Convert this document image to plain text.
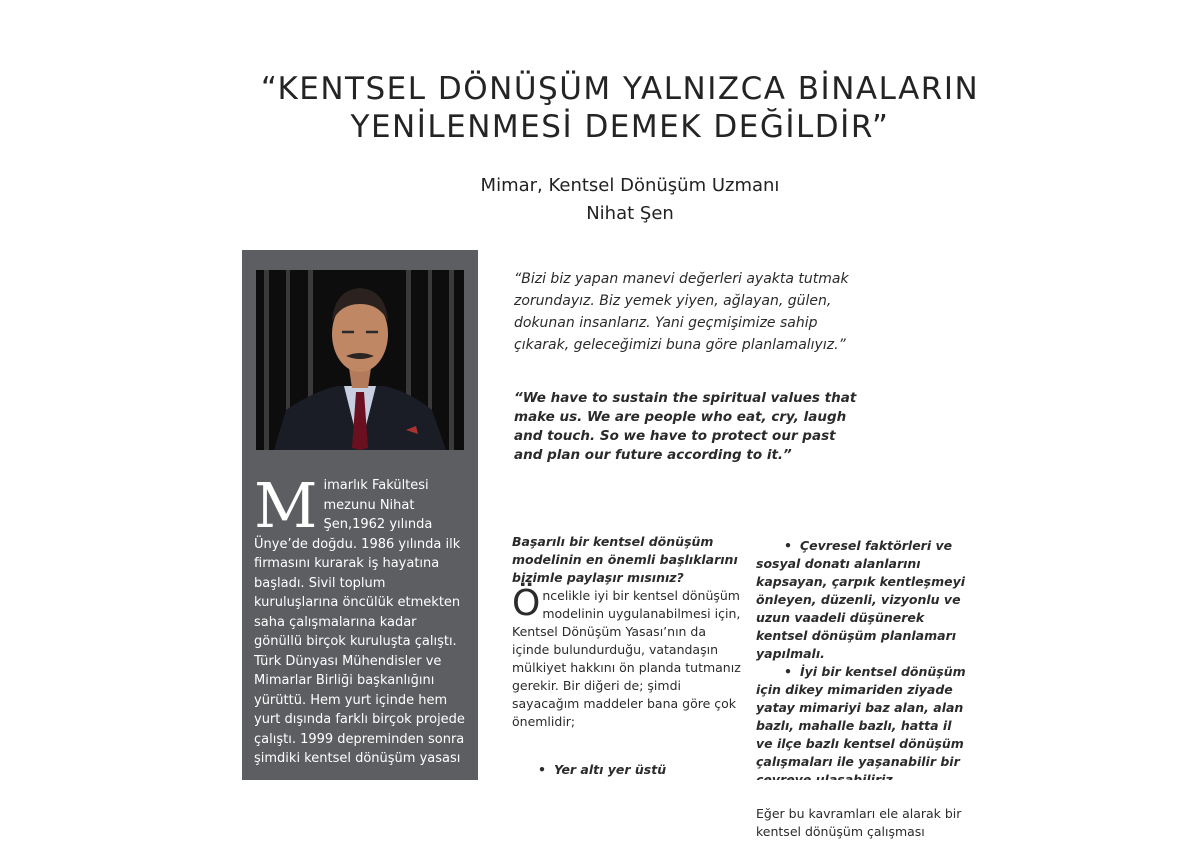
“KENTSEL DÖNÜŞÜM YALNIZCA BİNALARIN
YENİLENMESİ DEMEK DEĞİLDİR”
Mimar, Kentsel Dönüşüm Uzmanı
Nihat Şen
M imarlık Fakültesi
mezunu Nihat
Şen,1962 yılında Ünye’de doğdu. 1986 yılında ilk firmasını kurarak iş hayatına başladı. Sivil toplum kuruluşlarına öncülük etmekten saha çalışmalarına kadar gönüllü birçok kuruluşta çalıştı. Türk Dünyası Mühendisler ve Mimarlar Birliği başkanlığını yürüttü. Hem yurt içinde hem yurt dışında farklı birçok projede çalıştı. 1999 depreminden sonra şimdiki kentsel dönüşüm yasası
“Bizi biz yapan manevi değerleri ayakta tutmak zorundayız. Biz yemek yiyen, ağlayan, gülen, dokunan insanlarız. Yani geçmişimize sahip çıkarak, geleceğimizi buna göre planlamalıyız.”
“We have to sustain the spiritual values that make us. We are people who eat, cry, laugh and touch. So we have to protect our past and plan our future according to it.”
Başarılı bir kentsel dönüşüm modelinin en önemli başlıklarını bizimle paylaşır mısınız?
Öncelikle iyi bir kentsel dönüşüm modelinin uygulanabilmesi için, Kentsel Dönüşüm Yasası’nın da içinde bulundurduğu, vatandaşın mülkiyet hakkını ön planda tutmanız gerekir. Bir diğeri de; şimdi sayacağım maddeler bana göre çok önemlidir;
• Yer altı yer üstü
• Çevresel faktörleri ve sosyal donatı alanlarını kapsayan, çarpık kentleşmeyi önleyen, düzenli, vizyonlu ve uzun vaadeli düşünerek kentsel dönüşüm planlamarı yapılmalı.
• İyi bir kentsel dönüşüm için dikey mimariden ziyade yatay mimariyi baz alan, alan bazlı, mahalle bazlı, hatta il ve ilçe bazlı kentsel dönüşüm çalışmaları ile yaşanabilir bir
Eğer bu kavramları ele alarak bir kentsel dönüşüm çalışması
